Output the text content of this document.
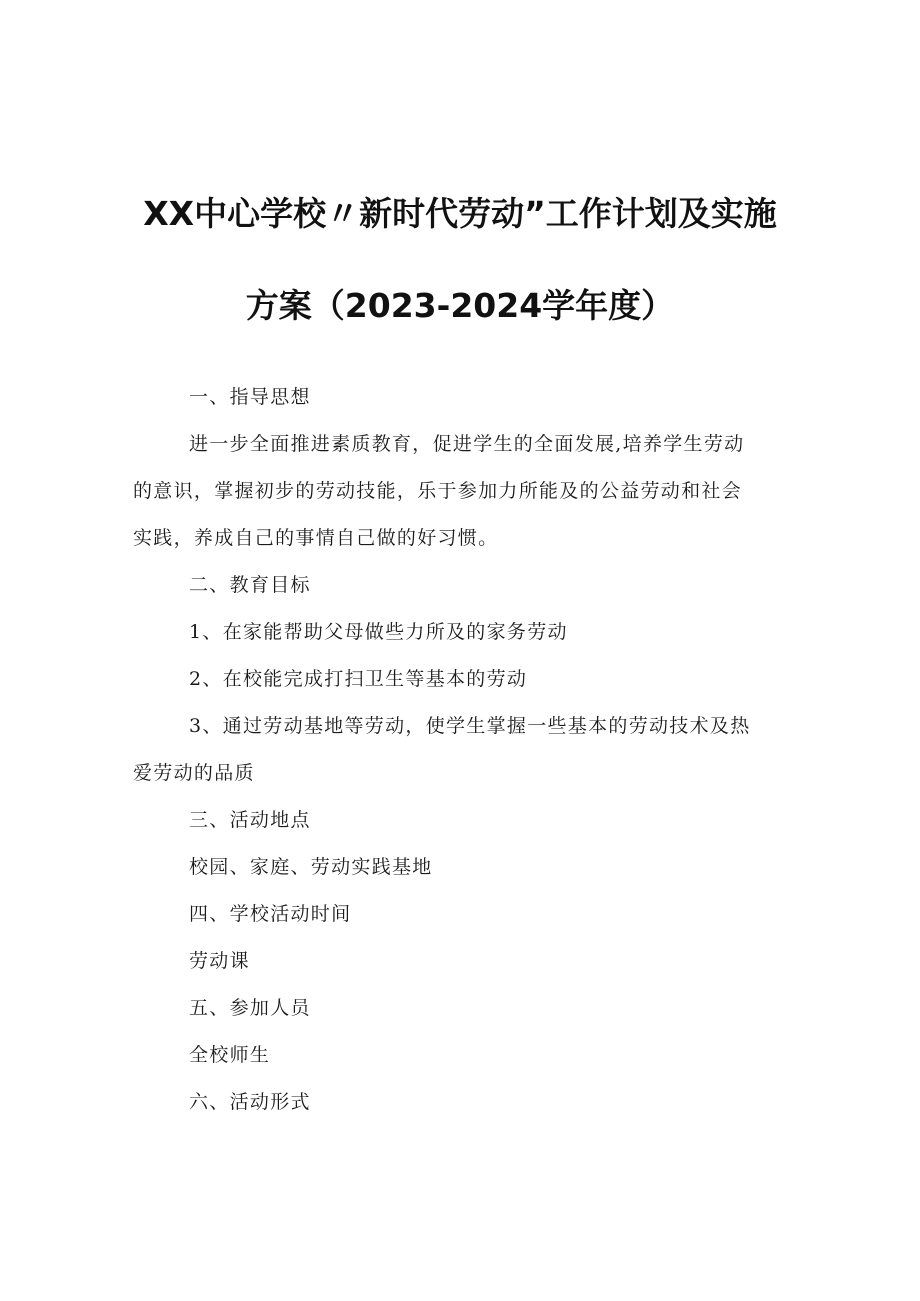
XX中心学校〃新时代劳动”工作计划及实施
方案（2023-2024学年度）

一、指导思想

进一步全面推进素质教育，促进学生的全面发展,培养学生劳动
的意识，掌握初步的劳动技能，乐于参加力所能及的公益劳动和社会
实践，养成自己的事情自己做的好习惯。

二、教育目标

1、在家能帮助父母做些力所及的家务劳动

2、在校能完成打扫卫生等基本的劳动

3、通过劳动基地等劳动，使学生掌握一些基本的劳动技术及热
爱劳动的品质

三、活动地点

校园、家庭、劳动实践基地

四、学校活动时间

劳动课

五、参加人员

全校师生

六、活动形式
